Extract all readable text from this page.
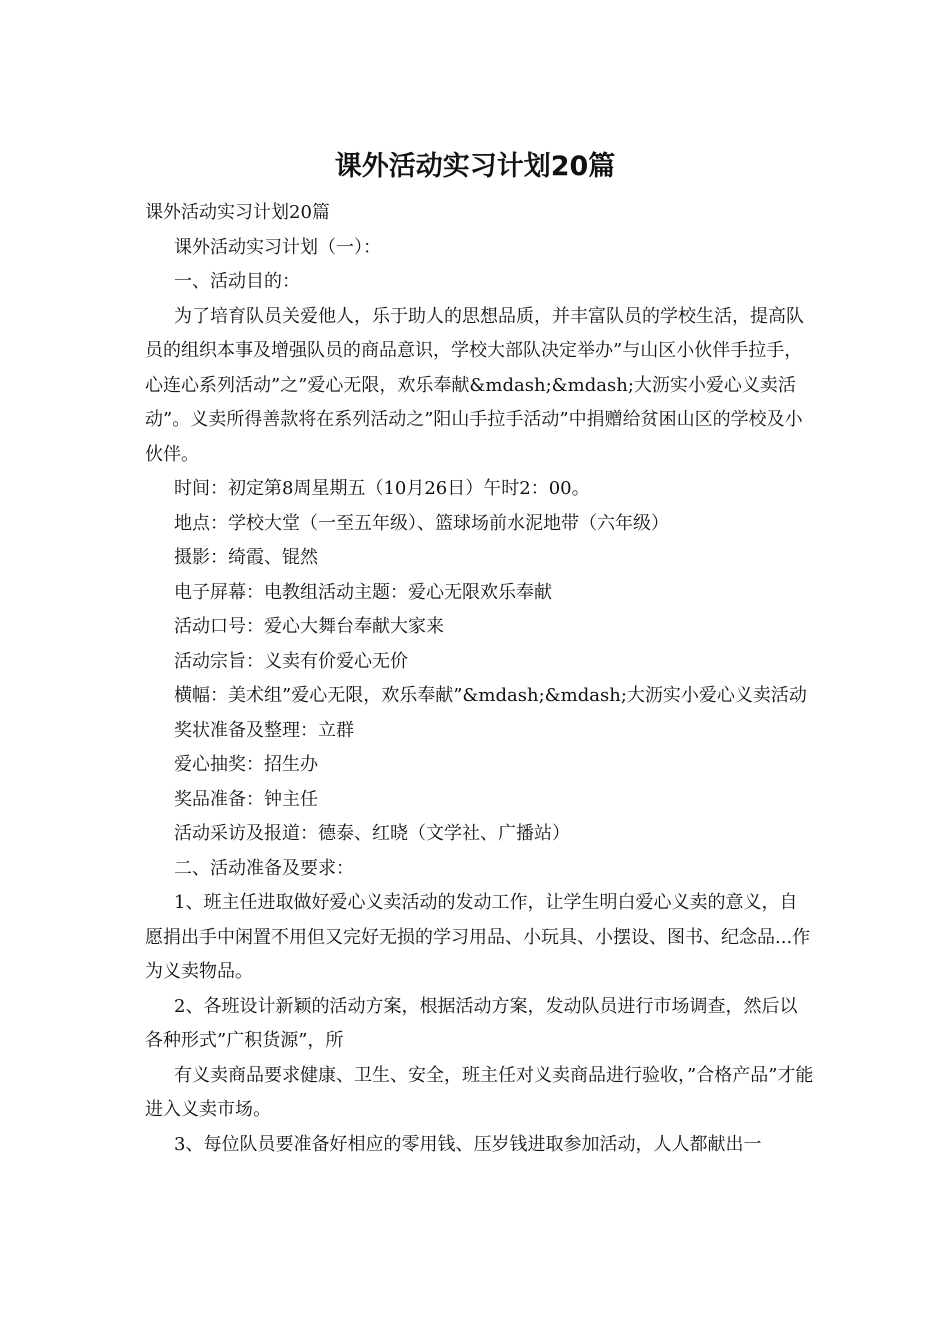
课外活动实习计划20篇

课外活动实习计划20篇

课外活动实习计划（一）：

一、活动目的：

为了培育队员关爱他人，乐于助人的思想品质，并丰富队员的学校生活，提高队员的组织本事及增强队员的商品意识，学校大部队决定举办”与山区小伙伴手拉手，心连心系列活动”之”爱心无限，欢乐奉献&mdash;&mdash;大沥实小爱心义卖活动”。义卖所得善款将在系列活动之”阳山手拉手活动”中捐赠给贫困山区的学校及小伙伴。

时间：初定第8周星期五（10月26日）午时2：00。

地点：学校大堂（一至五年级）、篮球场前水泥地带（六年级）

摄影：绮霞、锟然

电子屏幕：电教组活动主题：爱心无限欢乐奉献

活动口号：爱心大舞台奉献大家来

活动宗旨：义卖有价爱心无价

横幅：美术组”爱心无限，欢乐奉献”&mdash;&mdash;大沥实小爱心义卖活动

奖状准备及整理：立群

爱心抽奖：招生办

奖品准备：钟主任

活动采访及报道：德泰、红晓（文学社、广播站）

二、活动准备及要求：

1、班主任进取做好爱心义卖活动的发动工作，让学生明白爱心义卖的意义，自愿捐出手中闲置不用但又完好无损的学习用品、小玩具、小摆设、图书、纪念品...作为义卖物品。

2、各班设计新颖的活动方案，根据活动方案，发动队员进行市场调查，然后以各种形式”广积货源”，所

有义卖商品要求健康、卫生、安全，班主任对义卖商品进行验收，”合格产品”才能进入义卖市场。

3、每位队员要准备好相应的零用钱、压岁钱进取参加活动，人人都献出一
